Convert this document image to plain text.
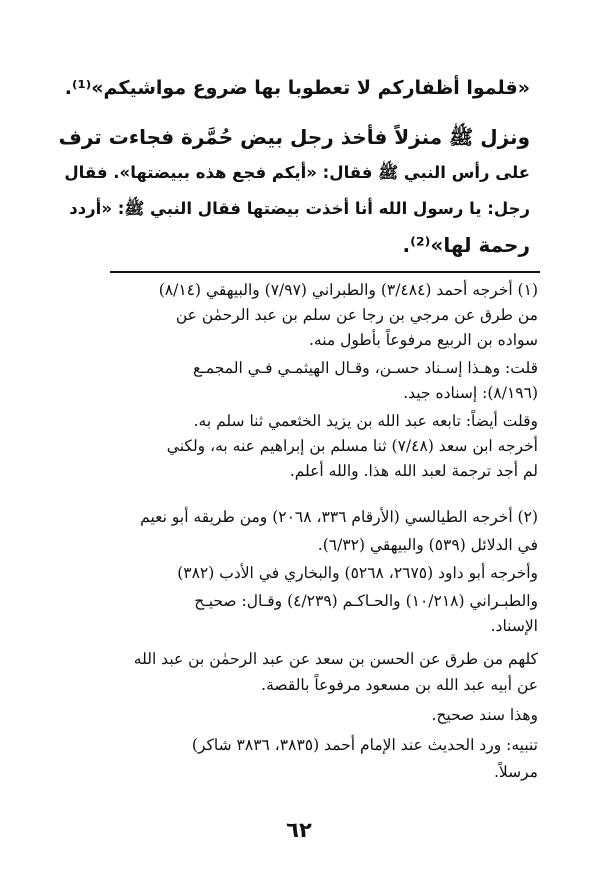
«قلموا أظفاركم لا تعطوبا بها ضروع مواشيكم»⁽¹⁾.
ونزل ﷺ منزلاً فأخذ رجل بيض حُمَّرة فجاءت ترف
على رأس النبي ﷺ فقال: «أيكم فجع هذه ببيضتها». فقال
رجل: يا رسول الله أنا أخذت بيضتها فقال النبي ﷺ: «أردد
رحمة لها»⁽²⁾.
(١) أخرجه أحمد (٣/٤٨٤) والطبراني (٧/٩٧) والبيهقي (٨/١٤)
من طرق عن مرجي بن رجا عن سلم بن عبد الرحمٰن عن
سواده بن الربيع مرفوعاً بأطول منه.
قلت: وهـذا إسـناد حسـن، وقـال الهيثمـي فـي المجمـع
(٨/١٩٦): إسناده جيد.
وقلت أيضاً: تابعه عبد الله بن يزيد الخثعمي ثنا سلم به.
أخرجه ابن سعد (٧/٤٨) ثنا مسلم بن إبراهيم عنه به، ولكني
لم أجد ترجمة لعبد الله هذا. والله أعلم.
(٢) أخرجه الطيالسي (الأرقام ٣٣٦، ٢٠٦٨) ومن طريقه أبو نعيم
في الدلائل (٥٣٩) والبيهقي (٦/٣٢).
وأخرجه أبو داود (٢٦٧٥، ٥٢٦٨) والبخاري في الأدب (٣٨٢)
والطبـراني (١٠/٢١٨) والحـاكـم (٤/٢٣٩) وقـال: صحيـح
الإسناد.
كلهم من طرق عن الحسن بن سعد عن عبد الرحمٰن بن عبد الله
عن أبيه عبد الله بن مسعود مرفوعاً بالقصة.
وهذا سند صحيح.
تنبيه: ورد الحديث عند الإمام أحمد (٣٨٣٥، ٣٨٣٦ شاكر)
مرسلاً.
٦٢
